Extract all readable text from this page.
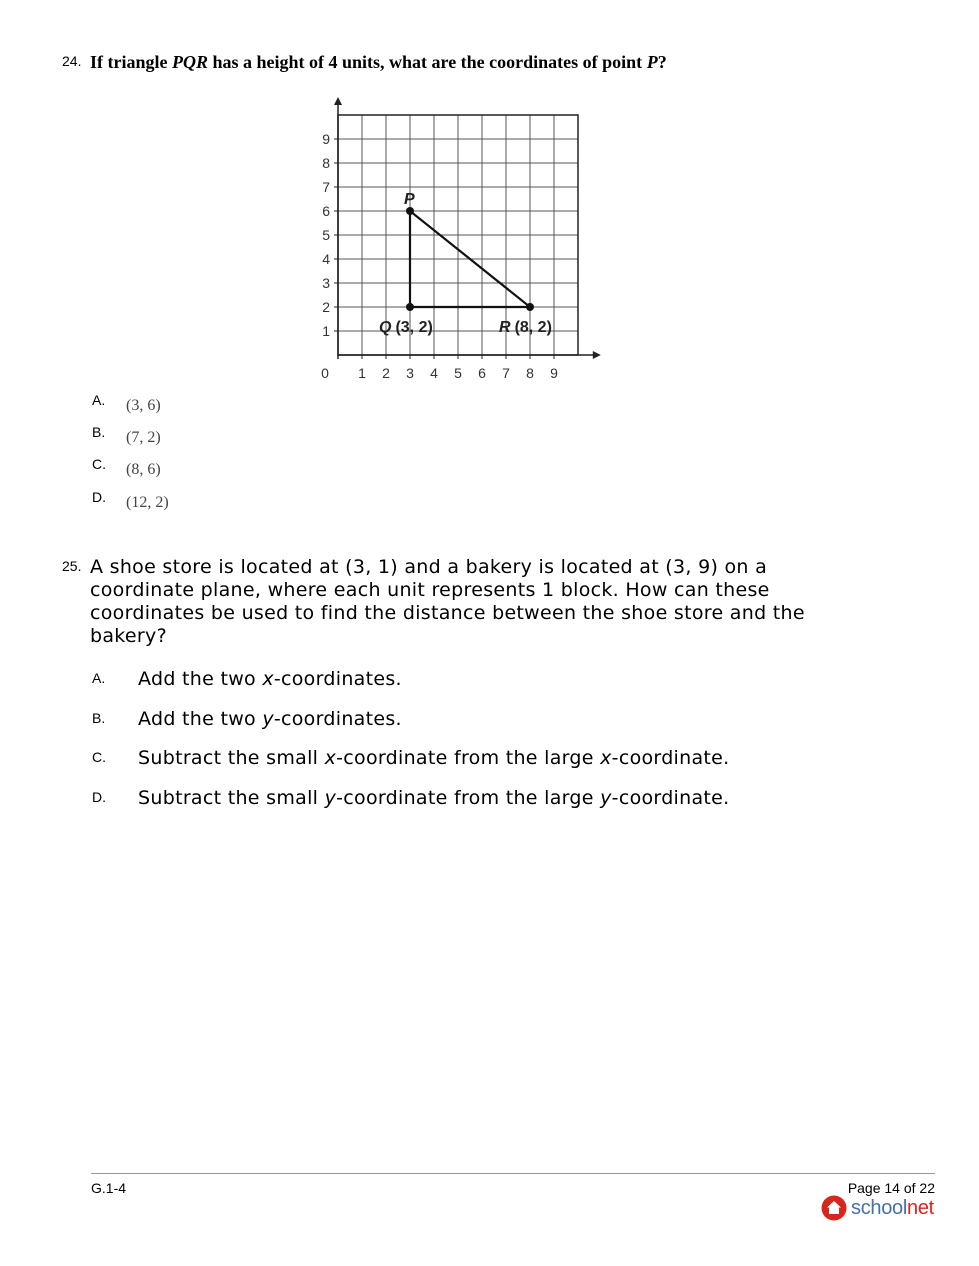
24. If triangle PQR has a height of 4 units, what are the coordinates of point P?
0 1 2 3 4 5 6 7 8 9
1
2
3
4
5
6
7
8
9
P
Q (3, 2)	R (8, 2)
A. (3, 6)
B. (7, 2)
C. (8, 6)
D. (12, 2)
25. A shoe store is located at (3, 1) and a bakery is located at (3, 9) on a coordinate plane, where each unit represents 1 block. How can these coordinates be used to find the distance between the shoe store and the bakery?
A. Add the two x-coordinates.
B. Add the two y-coordinates.
C. Subtract the small x-coordinate from the large x-coordinate.
D. Subtract the small y-coordinate from the large y-coordinate.
G.1-4	Page 14 of 22
schoolnet
